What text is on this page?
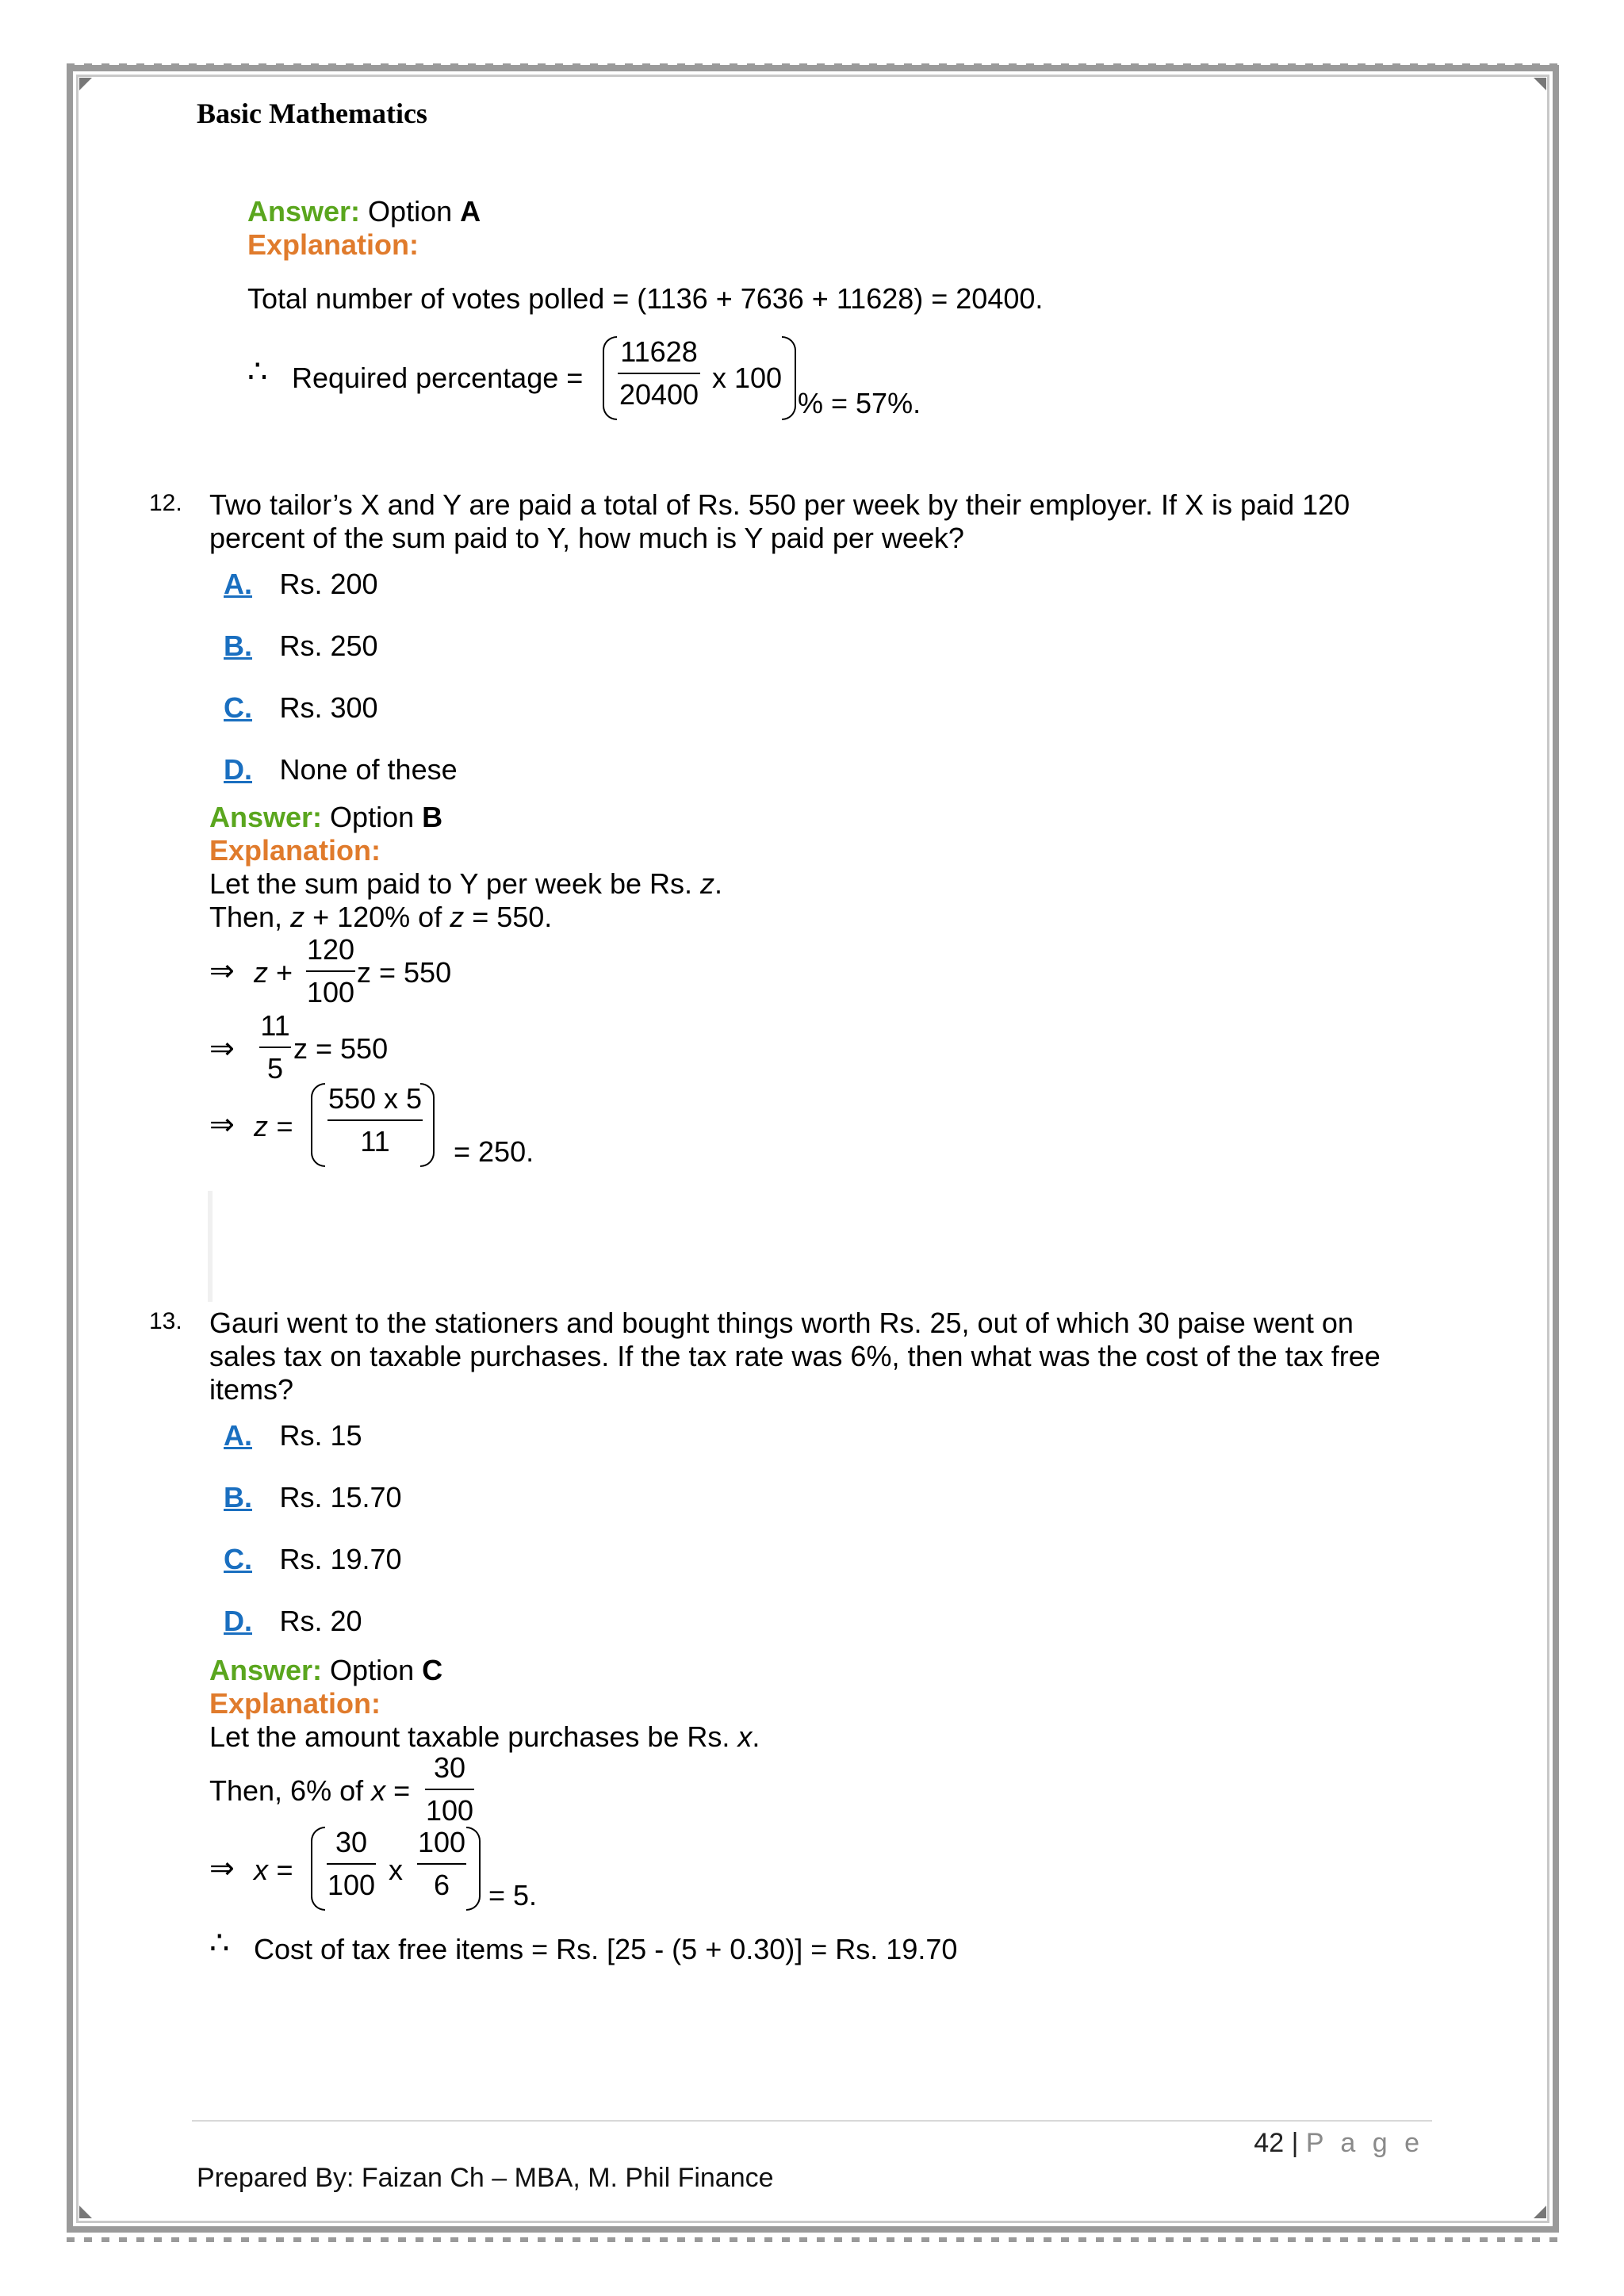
Basic Mathematics
Answer: Option A
Explanation:
Total number of votes polled = (1136 + 7636 + 11628) = 20400.
∴ Required percentage =
11628
20400
x 100
% = 57%.
12. Two tailor’s X and Y are paid a total of Rs. 550 per week by their employer. If X is paid 120
percent of the sum paid to Y, how much is Y paid per week?
A. Rs. 200
B. Rs. 250
C. Rs. 300
D. None of these
Answer: Option B
Explanation:
Let the sum paid to Y per week be Rs. z.
Then, z + 120% of z = 550.
⇒ z +
120
100
z = 550
⇒
11
5
z = 550
⇒ z =
550 x 5
11	= 250.
13. Gauri went to the stationers and bought things worth Rs. 25, out of which 30 paise went on
sales tax on taxable purchases. If the tax rate was 6%, then what was the cost of the tax free
items?
A. Rs. 15
B. Rs. 15.70
C. Rs. 19.70
D. Rs. 20
Answer: Option C
Explanation:
Let the amount taxable purchases be Rs. x.
Then, 6% of x =
30
100
⇒ x =
30
100 x
100
6	= 5.
∴ Cost of tax free items = Rs. [25 - (5 + 0.30)] = Rs. 19.70
42 | P a g e
Prepared By: Faizan Ch – MBA, M. Phil Finance
